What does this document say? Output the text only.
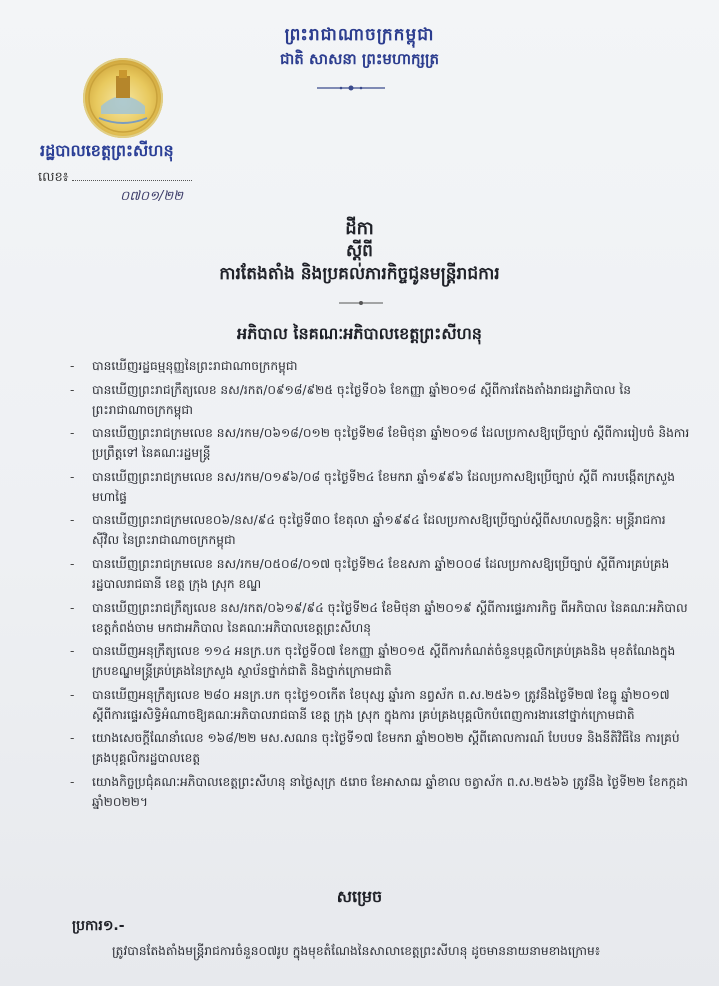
ព្រះរាជាណាចក្រកម្ពុជា
ជាតិ សាសនា ព្រះមហាក្សត្រ
រដ្ឋបាលខេត្តព្រះសីហនុ
លេខ៖
០៧០១/២២
ដីកា
ស្តីពី
ការតែងតាំង និងប្រគល់ភារកិច្ចជូនមន្ត្រីរាជការ
អភិបាល នៃគណៈអភិបាលខេត្តព្រះសីហនុ
- បានឃើញរដ្ឋធម្មនុញ្ញនៃព្រះរាជាណាចក្រកម្ពុជា
- បានឃើញព្រះរាជក្រឹត្យលេខ នស/រកត/០៩១៨/៩២៥ ចុះថ្ងៃទី០៦ ខែកញ្ញា ឆ្នាំ២០១៨ ស្តីពីការតែងតាំងរាជរដ្ឋាភិបាល នៃព្រះរាជាណាចក្រកម្ពុជា
- បានឃើញព្រះរាជក្រមលេខ នស/រកម/០៦១៨/០១២ ចុះថ្ងៃទី២៨ ខែមិថុនា ឆ្នាំ២០១៨ ដែលប្រកាសឱ្យប្រើច្បាប់ ស្តីពីការរៀបចំ និងការប្រព្រឹត្តទៅ នៃគណៈរដ្ឋមន្ត្រី
- បានឃើញព្រះរាជក្រមលេខ នស/រកម/០១៩៦/០៨ ចុះថ្ងៃទី២៤ ខែមករា ឆ្នាំ១៩៩៦ ដែលប្រកាសឱ្យប្រើច្បាប់ ស្តីពី ការបង្កើតក្រសួងមហាផ្ទៃ
- បានឃើញព្រះរាជក្រមលេខ០៦/នស/៩៤ ចុះថ្ងៃទី៣០ ខែតុលា ឆ្នាំ១៩៩៤ ដែលប្រកាសឱ្យប្រើច្បាប់ស្តីពីសហលក្ខន្តិកៈ មន្ត្រីរាជការស៊ីវិល នៃព្រះរាជាណាចក្រកម្ពុជា
- បានឃើញព្រះរាជក្រមលេខ នស/រកម/០៥០៨/០១៧ ចុះថ្ងៃទី២៤ ខែឧសភា ឆ្នាំ២០០៨ ដែលប្រកាសឱ្យប្រើច្បាប់ ស្តីពីការគ្រប់គ្រងរដ្ឋបាលរាជធានី ខេត្ត ក្រុង ស្រុក ខណ្ឌ
- បានឃើញព្រះរាជក្រឹត្យលេខ នស/រកត/០៦១៩/៩៤ ចុះថ្ងៃទី២៤ ខែមិថុនា ឆ្នាំ២០១៩ ស្តីពីការផ្ទេរភារកិច្ច ពីអភិបាល នៃគណៈអភិបាលខេត្តកំពង់ចាម មកជាអភិបាល នៃគណៈអភិបាលខេត្តព្រះសីហនុ
- បានឃើញអនុក្រឹត្យលេខ ១១៤ អនក្រ.បក ចុះថ្ងៃទី០៧ ខែកញ្ញា ឆ្នាំ២០១៥ ស្តីពីការកំណត់ចំនួនបុគ្គលិកគ្រប់គ្រងនិង មុខតំណែងក្នុងក្របខណ្ឌមន្ត្រីគ្រប់គ្រងនៃក្រសួង ស្ថាប័នថ្នាក់ជាតិ និងថ្នាក់ក្រោមជាតិ
- បានឃើញអនុក្រឹត្យលេខ ២៨០ អនក្រ.បក ចុះថ្ងៃ១០កើត ខែបុស្ស ឆ្នាំរកា នព្វស័ក ព.ស.២៥៦១ ត្រូវនឹងថ្ងៃទី២៧ ខែធ្នូ ឆ្នាំ២០១៧ ស្តីពីការផ្ទេរសិទ្ធិអំណាចឱ្យគណៈអភិបាលរាជធានី ខេត្ត ក្រុង ស្រុក ក្នុងការ គ្រប់គ្រងបុគ្គលិកបំពេញការងារនៅថ្នាក់ក្រោមជាតិ
- យោងសេចក្តីណែនាំលេខ ១៦៨/២២ មស.សណន ចុះថ្ងៃទី១៧ ខែមករា ឆ្នាំ២០២២ ស្តីពីគោលការណ៍ បែបបទ និងនីតិវិធីនៃ ការគ្រប់គ្រងបុគ្គលិករដ្ឋបាលខេត្ត
- យោងកិច្ចប្រជុំគណៈអភិបាលខេត្តព្រះសីហនុ នាថ្ងៃសុក្រ ៥រោច ខែអាសាឍ ឆ្នាំខាល ចត្វាស័ក ព.ស.២៥៦៦ ត្រូវនឹង ថ្ងៃទី២២ ខែកក្កដា ឆ្នាំ២០២២។
សម្រេច
ប្រការ១.-
ត្រូវបានតែងតាំងមន្ត្រីរាជការចំនួន០៧រូប ក្នុងមុខតំណែងនៃសាលាខេត្តព្រះសីហនុ ដូចមាននាយនាមខាងក្រោម៖
